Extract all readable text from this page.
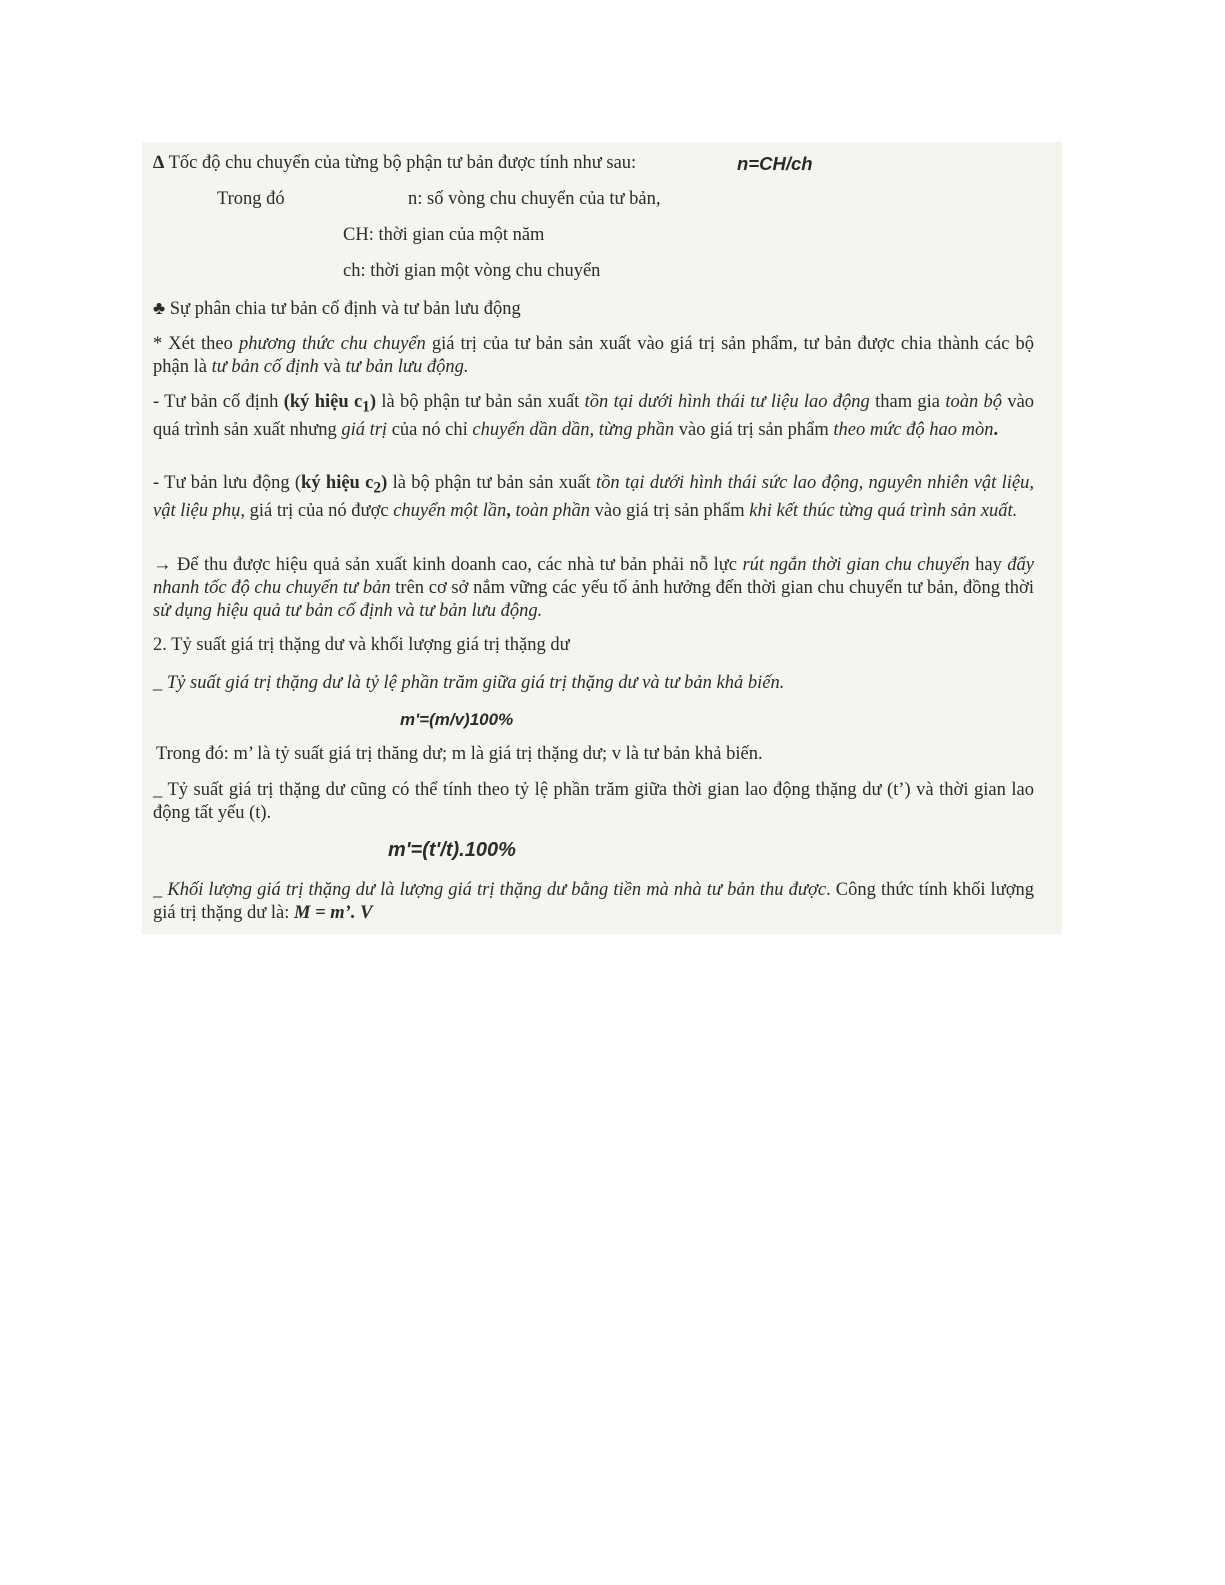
∆ Tốc độ chu chuyển của từng bộ phận tư bản được tính như sau:	n=CH/ch

Trong đó	n: số vòng chu chuyển của tư bản,

CH: thời gian của một năm

ch: thời gian một vòng chu chuyển

♣ Sự phân chia tư bản cố định và tư bản lưu động

* Xét theo phương thức chu chuyển giá trị của tư bản sản xuất vào giá trị sản phẩm, tư bản được chia thành các bộ phận là tư bản cố định và tư bản lưu động.

- Tư bản cố định (ký hiệu $c_1$) là bộ phận tư bản sản xuất tồn tại dưới hình thái tư liệu lao động tham gia toàn bộ vào quá trình sản xuất nhưng giá trị của nó chỉ chuyển dần dần, từng phần vào giá trị sản phẩm theo mức độ hao mòn.

- Tư bản lưu động (ký hiệu $c_2$) là bộ phận tư bản sản xuất tồn tại dưới hình thái sức lao động, nguyên nhiên vật liệu, vật liệu phụ, giá trị của nó được chuyển một lần, toàn phần vào giá trị sản phẩm khi kết thúc từng quá trình sản xuất.

→ Để thu được hiệu quả sản xuất kinh doanh cao, các nhà tư bản phải nỗ lực rút ngắn thời gian chu chuyển hay đẩy nhanh tốc độ chu chuyển tư bản trên cơ sở nắm vững các yếu tố ảnh hưởng đến thời gian chu chuyển tư bản, đồng thời sử dụng hiệu quả tư bản cố định và tư bản lưu động.

2. Tỷ suất giá trị thặng dư và khối lượng giá trị thặng dư

_ Tỷ suất giá trị thặng dư là tỷ lệ phần trăm giữa giá trị thặng dư và tư bản khả biến.

m'=(m/v)100%

Trong đó: m’ là tỷ suất giá trị thăng dư; m là giá trị thặng dư; v là tư bản khả biến.

_ Tỷ suất giá trị thặng dư cũng có thể tính theo tỷ lệ phần trăm giữa thời gian lao động thặng dư (t’) và thời gian lao động tất yếu (t).

m'=(t'/t).100%

_ Khối lượng giá trị thặng dư là lượng giá trị thặng dư bằng tiền mà nhà tư bản thu được. Công thức tính khối lượng giá trị thặng dư là: M = m’. V
